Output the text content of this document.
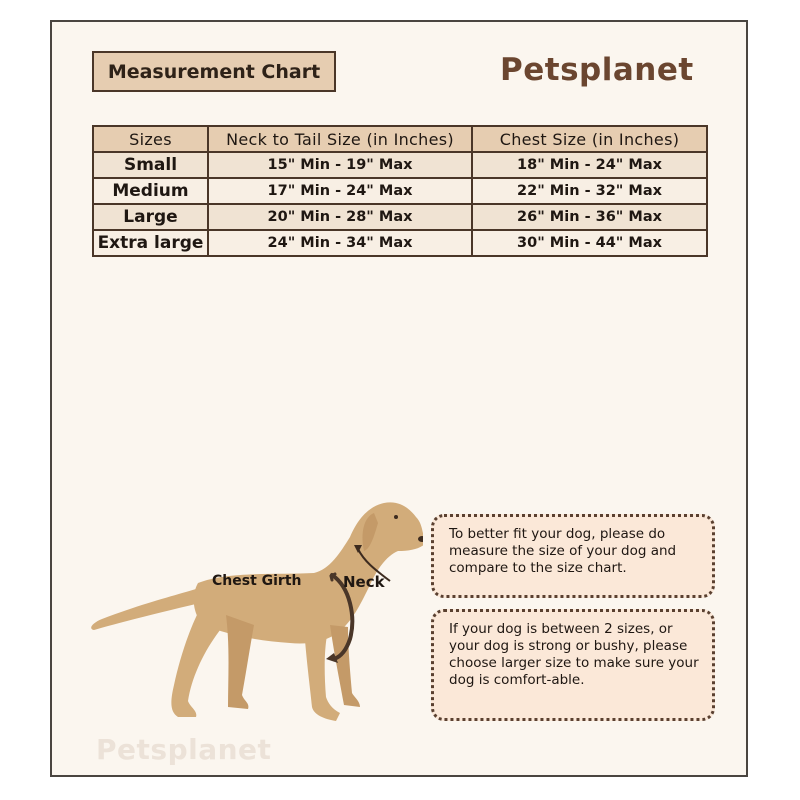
Measurement Chart	Petsplanet
Sizes	Neck to Tail Size (in Inches)	Chest Size (in Inches)
Small	15" Min - 19" Max	18" Min - 24" Max
Medium	17" Min - 24" Max	22" Min - 32" Max
Large	20" Min - 28" Max	26" Min - 36" Max
Extra large	24" Min - 34" Max	30" Min - 44" Max
Chest Girth	Neck
To better fit your dog, please do measure the size of your dog and compare to the size chart.
If your dog is between 2 sizes, or your dog is strong or bushy, please choose larger size to make sure your dog is comfort-able.
Petsplanet
